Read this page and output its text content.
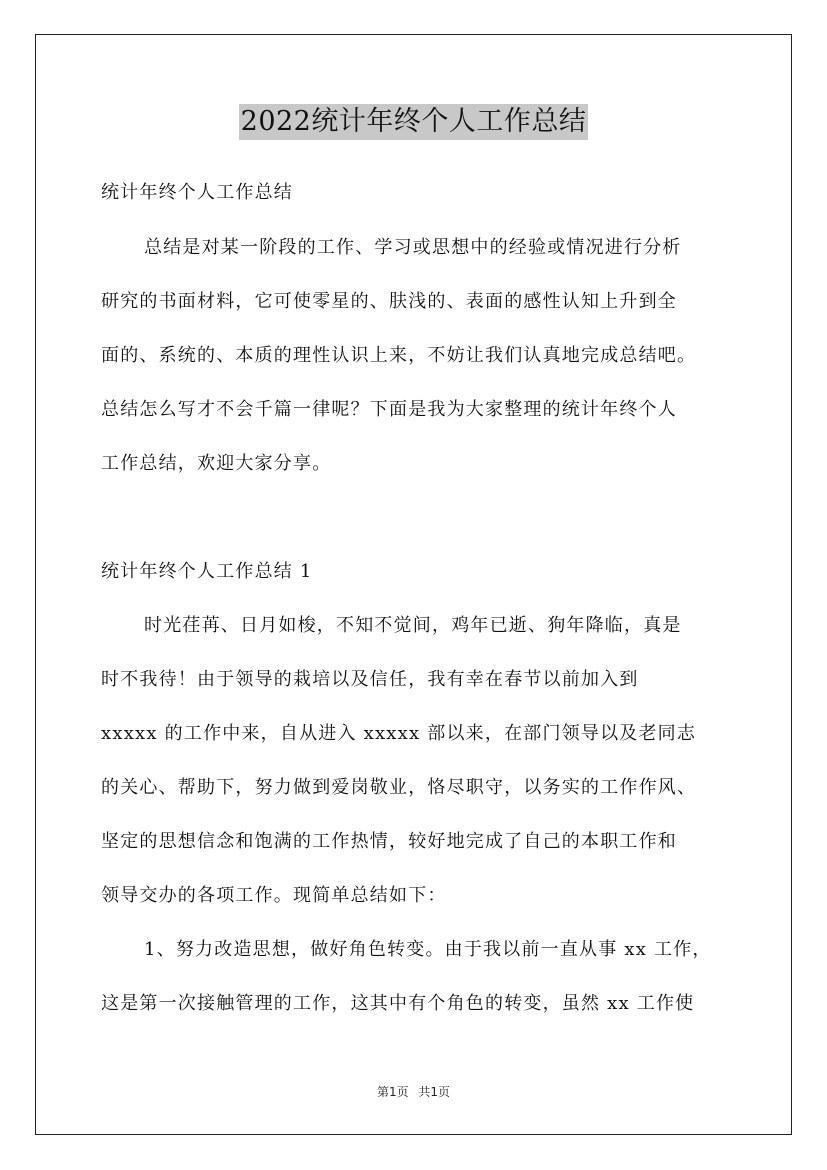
2022统计年终个人工作总结
统计年终个人工作总结
总结是对某一阶段的工作、学习或思想中的经验或情况进行分析
研究的书面材料，它可使零星的、肤浅的、表面的感性认知上升到全
面的、系统的、本质的理性认识上来，不妨让我们认真地完成总结吧。
总结怎么写才不会千篇一律呢？下面是我为大家整理的统计年终个人
工作总结，欢迎大家分享。
统计年终个人工作总结 1
时光荏苒、日月如梭，不知不觉间，鸡年已逝、狗年降临，真是
时不我待！由于领导的栽培以及信任，我有幸在春节以前加入到
xxxxx 的工作中来，自从进入 xxxxx 部以来，在部门领导以及老同志
的关心、帮助下，努力做到爱岗敬业，恪尽职守，以务实的工作作风、
坚定的思想信念和饱满的工作热情，较好地完成了自己的本职工作和
领导交办的各项工作。现简单总结如下：
1、努力改造思想，做好角色转变。由于我以前一直从事 xx 工作，
这是第一次接触管理的工作，这其中有个角色的转变，虽然 xx 工作使
第1页 共1页
